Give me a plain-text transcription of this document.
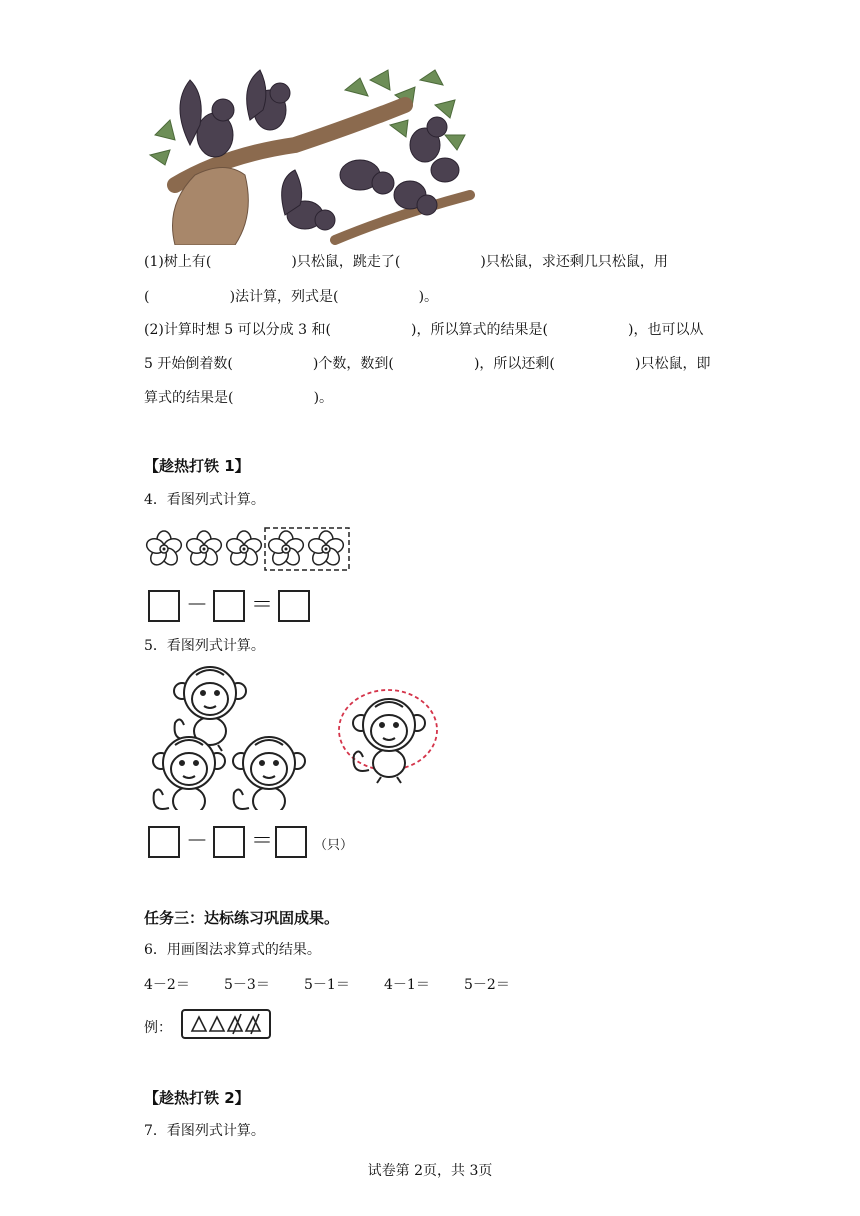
(1)树上有(                  )只松鼠，跳走了(                  )只松鼠，求还剩几只松鼠，用
(                  )法计算，列式是(                  )。
(2)计算时想 5 可以分成 3 和(                  )，所以算式的结果是(                  )，也可以从
5 开始倒着数(                  )个数，数到(                  )，所以还剩(                  )只松鼠，即
算式的结果是(                  )。
【趁热打铁 1】
4．看图列式计算。
－ ＝
5．看图列式计算。
－ ＝	（只）
任务三：达标练习巩固成果。
6．用画图法求算式的结果。
4－2＝ 5－3＝ 5－1＝ 4－1＝ 5－2＝
例：
【趁热打铁 2】
7．看图列式计算。
试卷第 2页，共 3页
